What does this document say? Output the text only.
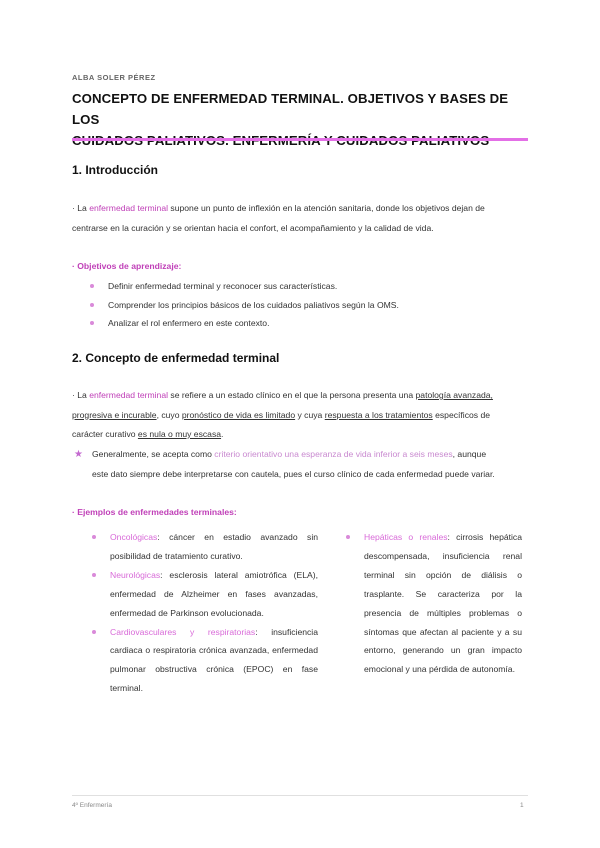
ALBA SOLER PÉREZ
CONCEPTO DE ENFERMEDAD TERMINAL. OBJETIVOS Y BASES DE LOS
1. Introducción
· La enfermedad terminal supone un punto de inflexión en la atención sanitaria, donde los objetivos dejan de
centrarse en la curación y se orientan hacia el confort, el acompañamiento y la calidad de vida.
· Objetivos de aprendizaje:
Definir enfermedad terminal y reconocer sus características.
Comprender los principios básicos de los cuidados paliativos según la OMS.
Analizar el rol enfermero en este contexto.
2. Concepto de enfermedad terminal
· La enfermedad terminal se refiere a un estado clínico en el que la persona presenta una patología avanzada,
progresiva e incurable, cuyo pronóstico de vida es limitado y cuya respuesta a los tratamientos específicos de
carácter curativo es nula o muy escasa.
★ Generalmente, se acepta como criterio orientativo una esperanza de vida inferior a seis meses, aunque
este dato siempre debe interpretarse con cautela, pues el curso clínico de cada enfermedad puede variar.
· Ejemplos de enfermedades terminales:
Oncológicas: cáncer en estadio avanzado sin posibilidad de tratamiento curativo.
Neurológicas: esclerosis lateral amiotrófica (ELA), enfermedad de Alzheimer en fases avanzadas, enfermedad de Parkinson evolucionada.
Cardiovasculares y respiratorias: insuficiencia cardiaca o respiratoria crónica avanzada, enfermedad pulmonar obstructiva crónica (EPOC) en fase terminal.
Hepáticas o renales: cirrosis hepática descompensada, insuficiencia renal terminal sin opción de diálisis o trasplante. Se caracteriza por la presencia de múltiples problemas o síntomas que afectan al paciente y a su entorno, generando un gran impacto emocional y una pérdida de autonomía.
4º Enfermería	1
